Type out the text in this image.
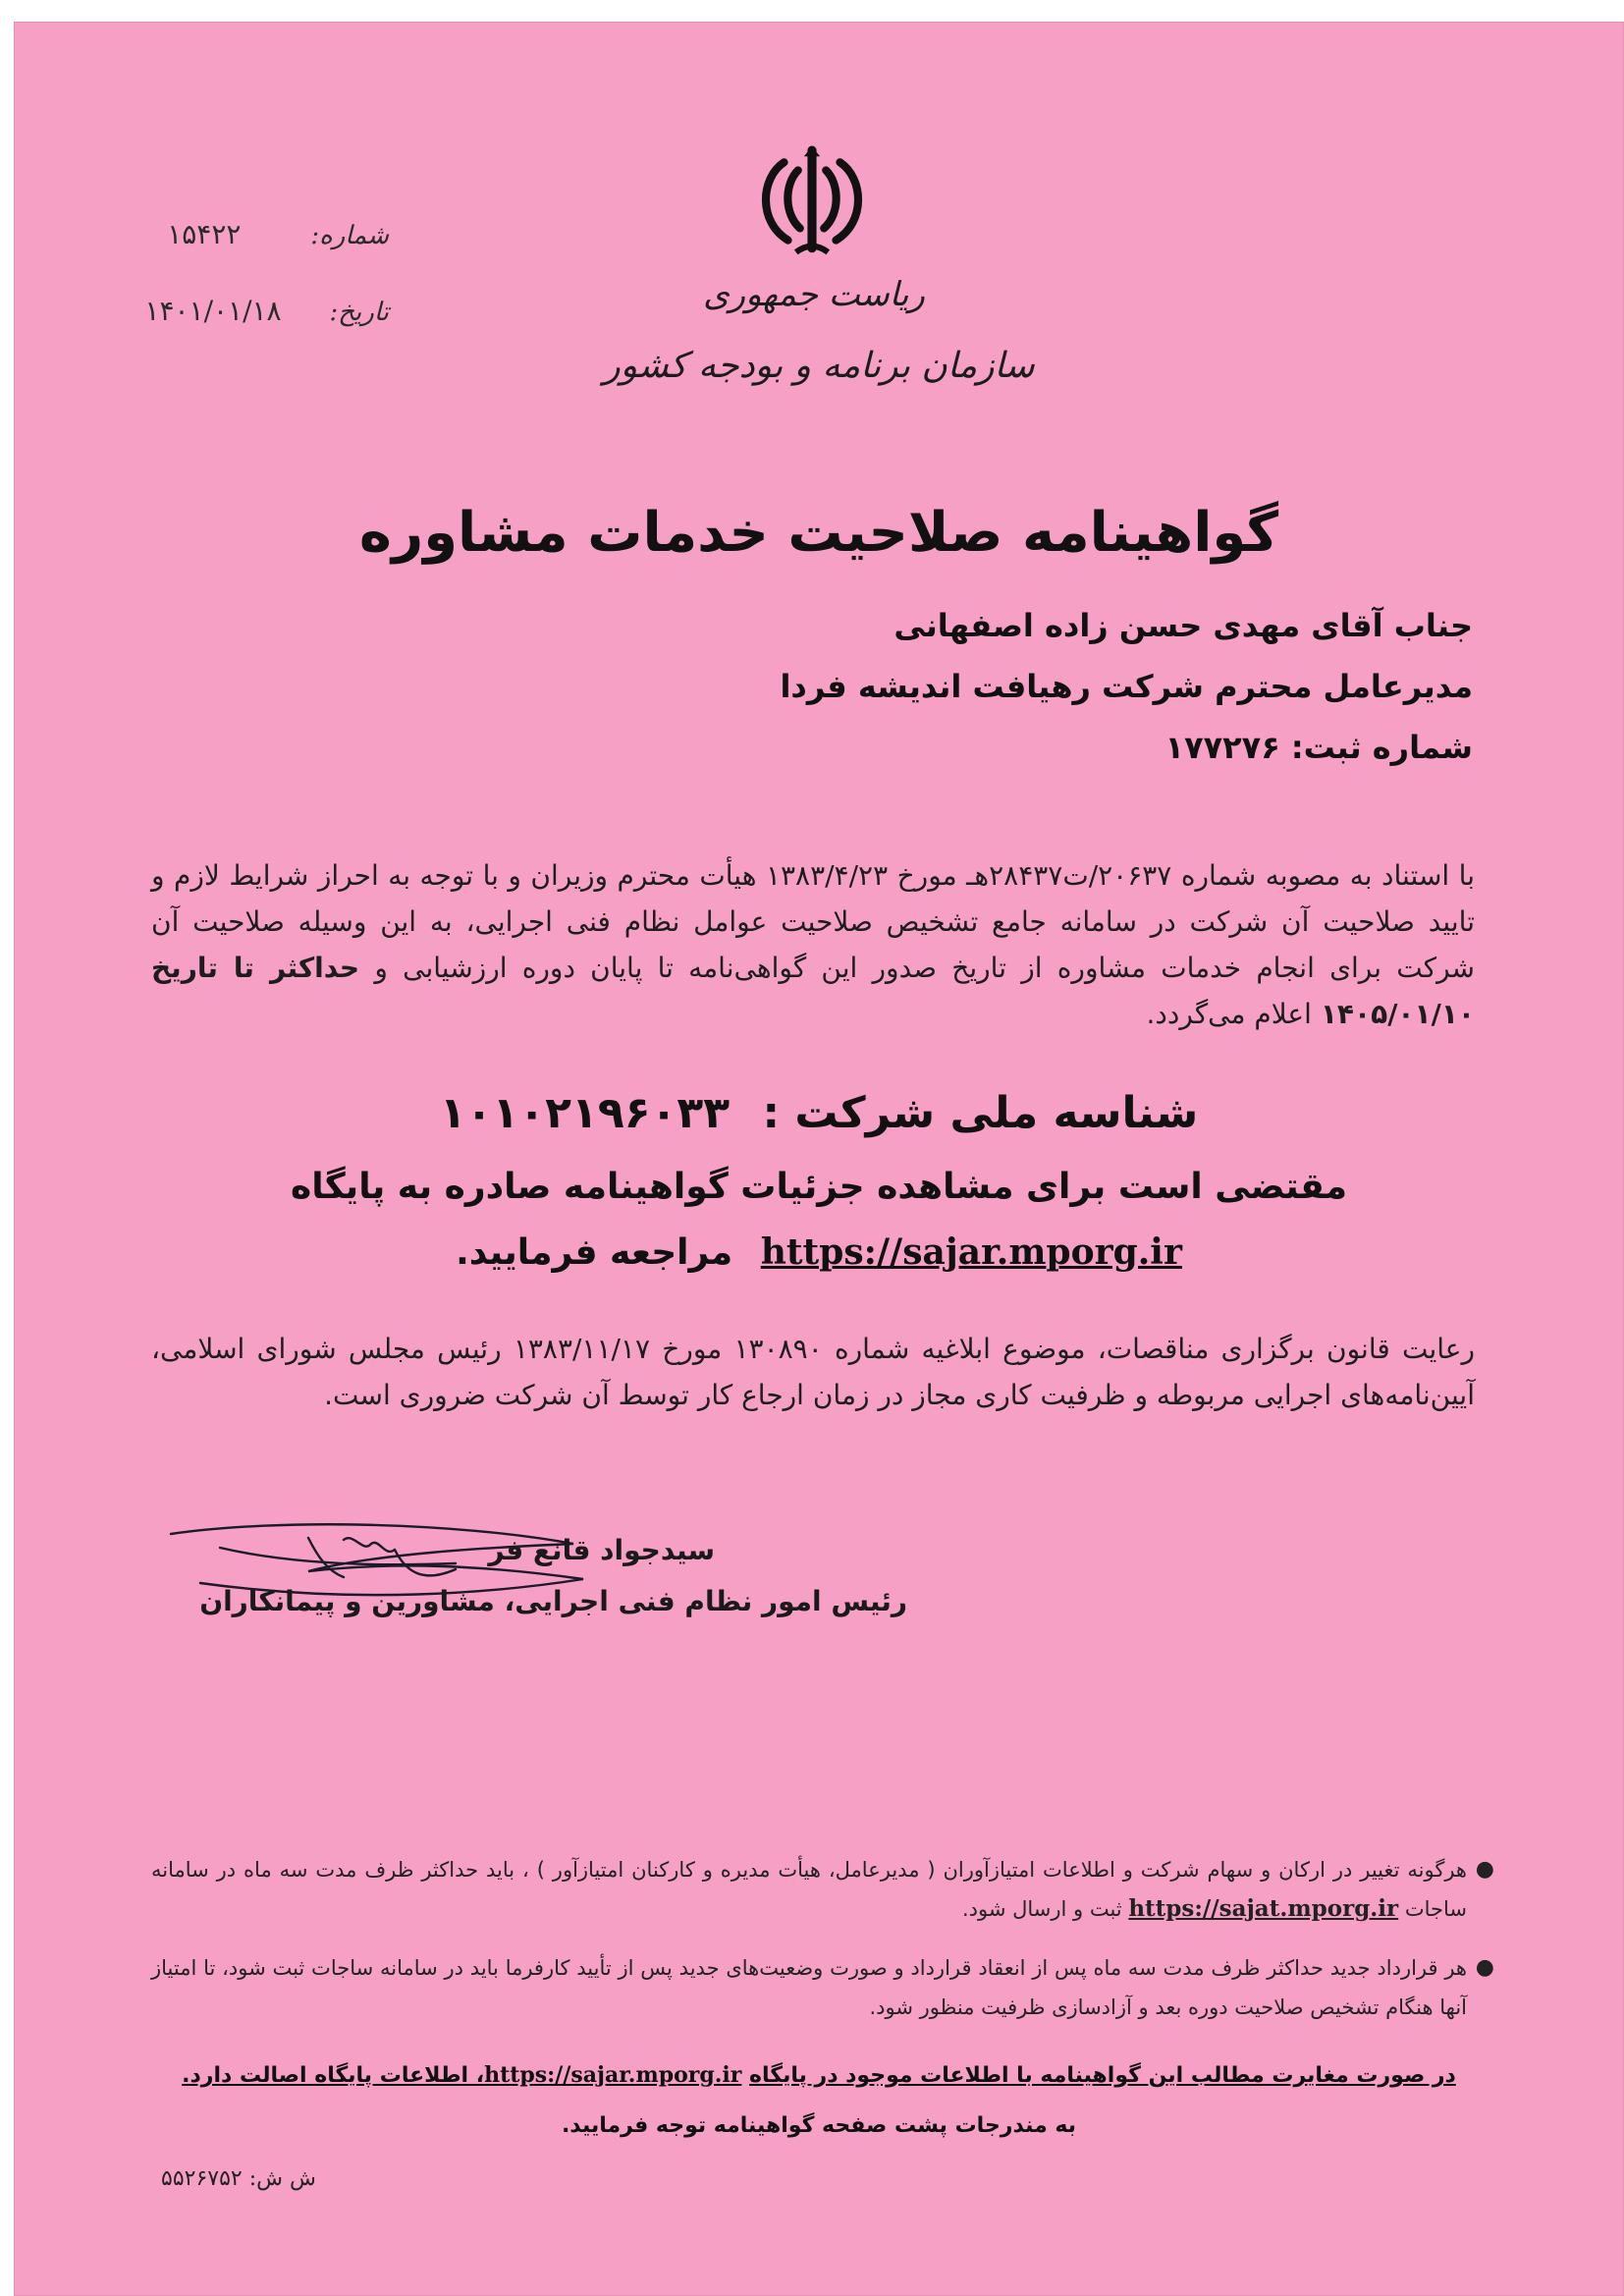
شماره: ۱۵۴۲۲
تاریخ: ۱۴۰۱/۰۱/۱۸	ریاست جمهوری
سازمان برنامه و بودجه کشور
گواهینامه صلاحیت خدمات مشاوره
جناب آقای مهدی حسن زاده اصفهانی
مدیرعامل محترم شرکت رهیافت اندیشه فردا
شماره ثبت: ۱۷۷۲۷۶
با استناد به مصوبه شماره ۲۰۶۳۷/ت۲۸۴۳۷هـ مورخ ۱۳۸۳/۴/۲۳ هیأت محترم وزیران و با توجه به احراز شرایط لازم و تایید صلاحیت آن شرکت در سامانه جامع تشخیص صلاحیت عوامل نظام فنی اجرایی، به این وسیله صلاحیت آن شرکت برای انجام خدمات مشاوره از تاریخ صدور این گواهی‌نامه تا پایان دوره ارزشیابی و حداکثر تا تاریخ ۱۴۰۵/۰۱/۱۰ اعلام می‌گردد.
شناسه ملی شرکت : ۱۰۱۰۲۱۹۶۰۳۳
مقتضی است برای مشاهده جزئیات گواهینامه صادره به پایگاه
https://sajar.mporg.ir مراجعه فرمایید.
رعایت قانون برگزاری مناقصات، موضوع ابلاغیه شماره ۱۳۰۸۹۰ مورخ ۱۳۸۳/۱۱/۱۷ رئیس مجلس شورای اسلامی، آیین‌نامه‌های اجرایی مربوطه و ظرفیت کاری مجاز در زمان ارجاع کار توسط آن شرکت ضروری است.
سیدجواد قانع فر
رئیس امور نظام فنی اجرایی، مشاورین و پیمانکاران
●
هرگونه تغییر در ارکان و سهام شرکت و اطلاعات امتیازآوران ( مدیرعامل، هیأت مدیره و کارکنان امتیازآور ) ، باید حداکثر ظرف مدت سه ماه در سامانه ساجات https://sajat.mporg.ir ثبت و ارسال شود.
●
هر قرارداد جدید حداکثر ظرف مدت سه ماه پس از انعقاد قرارداد و صورت وضعیت‌های جدید پس از تأیید کارفرما باید در سامانه ساجات ثبت شود، تا امتیاز آنها هنگام تشخیص صلاحیت دوره بعد و آزادسازی ظرفیت منظور شود.
در صورت مغایرت مطالب این گواهینامه با اطلاعات موجود در پایگاه https://sajar.mporg.ir، اطلاعات پایگاه اصالت دارد.
به مندرجات پشت صفحه گواهینامه توجه فرمایید.
ش ش: ۵۵۲۶۷۵۲
